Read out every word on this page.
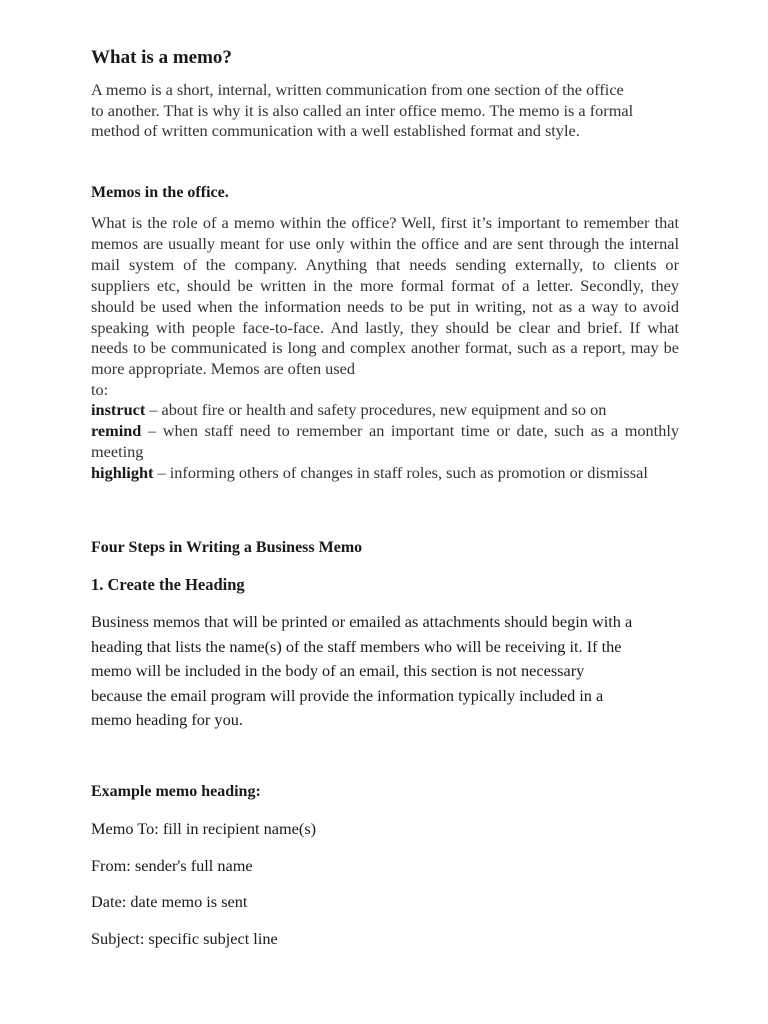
What is a memo?
A memo is a short, internal, written communication from one section of the office
to another. That is why it is also called an inter office memo. The memo is a formal
method of written communication with a well established format and style.
Memos in the office.
What is the role of a memo within the office? Well, first it’s important to remember that memos are usually meant for use only within the office and are sent through the internal mail system of the company. Anything that needs sending externally, to clients or suppliers etc, should be written in the more formal format of a letter. Secondly, they should be used when the information needs to be put in writing, not as a way to avoid speaking with people face-to-face. And lastly, they should be clear and brief. If what needs to be communicated is long and complex another format, such as a report, may be more appropriate. Memos are often used
to:
instruct – about fire or health and safety procedures, new equipment and so on
remind – when staff need to remember an important time or date, such as a monthly meeting
highlight – informing others of changes in staff roles, such as promotion or dismissal
Four Steps in Writing a Business Memo
1. Create the Heading
Business memos that will be printed or emailed as attachments should begin with a
heading that lists the name(s) of the staff members who will be receiving it. If the
memo will be included in the body of an email, this section is not necessary
because the email program will provide the information typically included in a
memo heading for you.
Example memo heading:

Memo To: fill in recipient name(s)

From: sender's full name

Date: date memo is sent

Subject: specific subject line
